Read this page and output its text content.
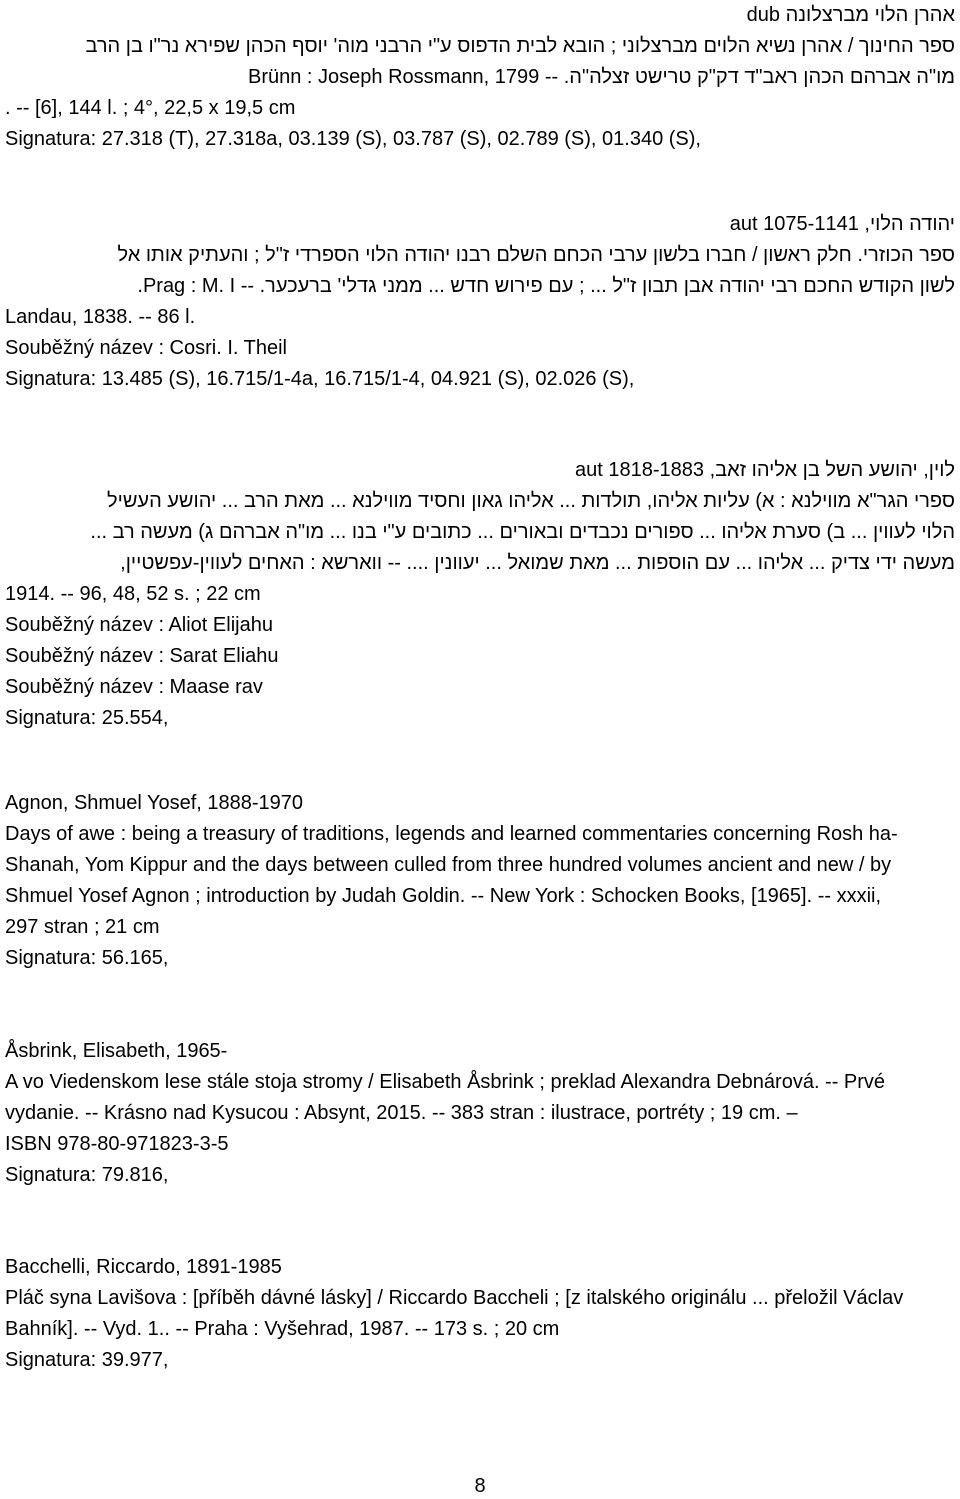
אהרן הלוי מברצלונה dub
ספר החינוך / אהרן נשיא הלוים מברצלוני ; הובא לבית הדפוס ע"י הרבני מוה' יוסף הכהן שפירא נר"ו בן הרב
מו"ה אברהם הכהן ראב"ד דק"ק טרישט זצלה"ה. -- Brünn : Joseph Rossmann, 1799
. -- [6], 144 l. ; 4°, 22,5 x 19,5 cm
Signatura: 27.318 (T), 27.318a, 03.139 (S), 03.787 (S), 02.789 (S), 01.340 (S),
יהודה הלוי, 1075-1141 aut
ספר הכוזרי. חלק ראשון / חברו בלשון ערבי הכחם השלם רבנו יהודה הלוי הספרדי ז"ל ; והעתיק אותו אל
לשון הקודש החכם רבי יהודה אבן תבון ז"ל ... ; עם פירוש חדש ... ממני גדלי' ברעכער. -- Prag : M. I.
Landau, 1838. -- 86 l.
Souběžný název : Cosri. I. Theil
Signatura: 13.485 (S), 16.715/1-4a, 16.715/1-4, 04.921 (S), 02.026 (S),
לוין, יהושע השל בן אליהו זאב, 1818-1883 aut
ספרי הגר"א מווילנא : א) עליות אליהו, תולדות ... אליהו גאון וחסיד מווילנא ... מאת הרב ... יהושע העשיל
הלוי לעווין ... ב) סערת אליהו ... ספורים נכבדים ובאורים ... כתובים ע"י בנו ... מו"ה אברהם ג) מעשה רב ...
מעשה ידי צדיק ... אליהו ... עם הוספות ... מאת שמואל ... יעוונין .... -- ווארשא : האחים לעווין-עפשטיין,
1914. -- 96, 48, 52 s. ; 22 cm
Souběžný název : Aliot Elijahu
Souběžný název : Sarat Eliahu
Souběžný název : Maase rav
Signatura: 25.554,
Agnon, Shmuel Yosef, 1888-1970
Days of awe : being a treasury of traditions, legends and learned commentaries concerning Rosh ha-
Shanah, Yom Kippur and the days between culled from three hundred volumes ancient and new / by
Shmuel Yosef Agnon ; introduction by Judah Goldin. -- New York : Schocken Books, [1965]. -- xxxii,
297 stran ; 21 cm
Signatura: 56.165,
Åsbrink, Elisabeth, 1965-
A vo Viedenskom lese stále stoja stromy / Elisabeth Åsbrink ; preklad Alexandra Debnárová. -- Prvé
vydanie. -- Krásno nad Kysucou : Absynt, 2015. -- 383 stran : ilustrace, portréty ; 19 cm. –
ISBN 978-80-971823-3-5
Signatura: 79.816,
Bacchelli, Riccardo, 1891-1985
Pláč syna Lavišova : [příběh dávné lásky] / Riccardo Baccheli ; [z italského originálu ... přeložil Václav
Bahník]. -- Vyd. 1.. -- Praha : Vyšehrad, 1987. -- 173 s. ; 20 cm
Signatura: 39.977,
8
